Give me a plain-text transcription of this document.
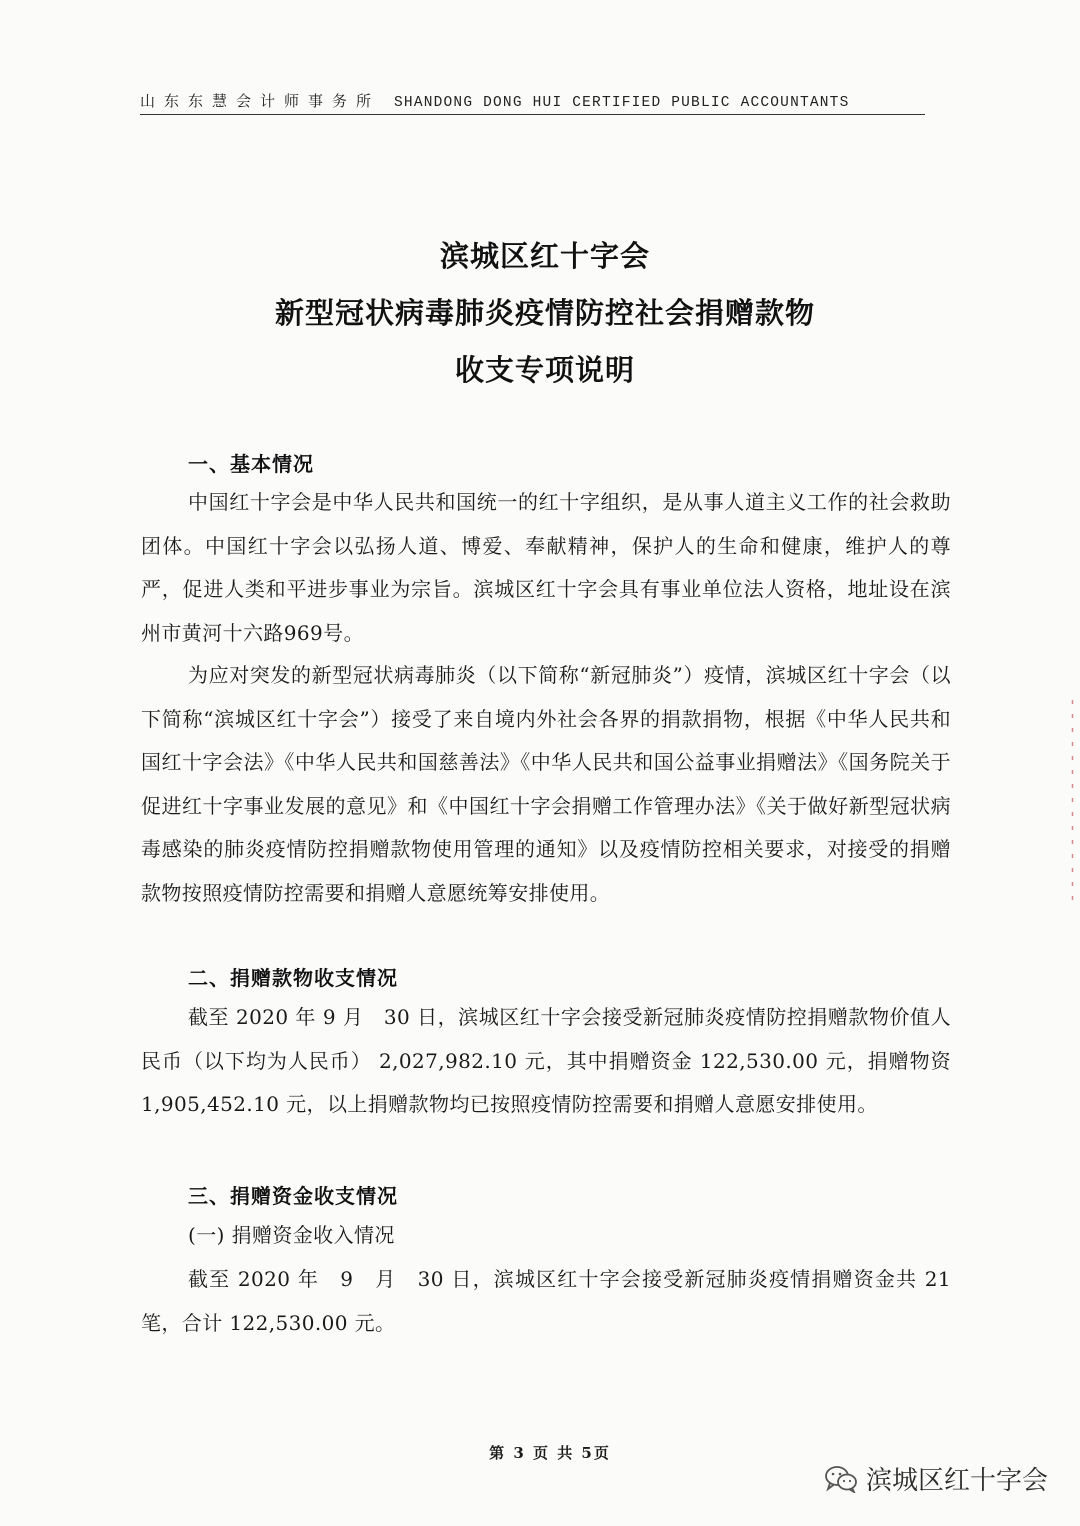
山东东慧会计师事务所 SHANDONG DONG HUI CERTIFIED PUBLIC ACCOUNTANTS
滨城区红十字会
新型冠状病毒肺炎疫情防控社会捐赠款物
收支专项说明
一、基本情况
中国红十字会是中华人民共和国统一的红十字组织，是从事人道主义工作的社会救助团体。中国红十字会以弘扬人道、博爱、奉献精神，保护人的生命和健康，维护人的尊严，促进人类和平进步事业为宗旨。滨城区红十字会具有事业单位法人资格，地址设在滨州市黄河十六路969号。
为应对突发的新型冠状病毒肺炎（以下简称“新冠肺炎”）疫情，滨城区红十字会（以下简称“滨城区红十字会”）接受了来自境内外社会各界的捐款捐物，根据《中华人民共和国红十字会法》《中华人民共和国慈善法》《中华人民共和国公益事业捐赠法》《国务院关于促进红十字事业发展的意见》和《中国红十字会捐赠工作管理办法》《关于做好新型冠状病毒感染的肺炎疫情防控捐赠款物使用管理的通知》以及疫情防控相关要求，对接受的捐赠款物按照疫情防控需要和捐赠人意愿统筹安排使用。
二、捐赠款物收支情况
截至 2020 年 9 月　30 日，滨城区红十字会接受新冠肺炎疫情防控捐赠款物价值人民币（以下均为人民币） 2,027,982.10 元，其中捐赠资金 122,530.00 元，捐赠物资 1,905,452.10 元，以上捐赠款物均已按照疫情防控需要和捐赠人意愿安排使用。
三、捐赠资金收支情况
(一) 捐赠资金收入情况
截至 2020 年　9　月　30 日，滨城区红十字会接受新冠肺炎疫情捐赠资金共 21 笔，合计 122,530.00 元。
第 3 页 共 5页
滨城区红十字会
